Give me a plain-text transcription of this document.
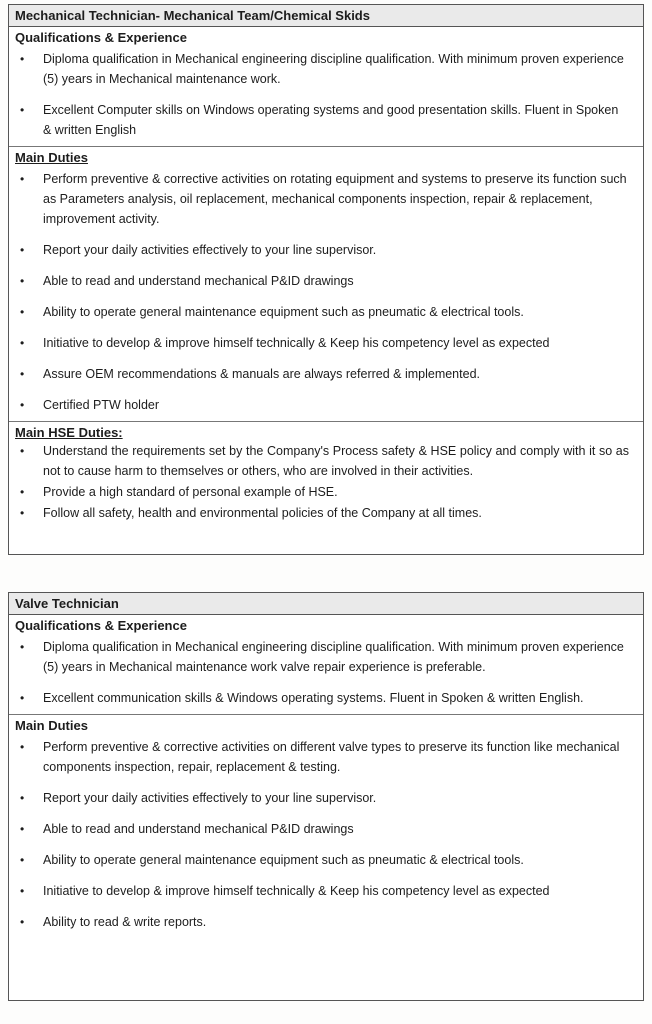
Mechanical Technician- Mechanical Team/Chemical Skids
Qualifications & Experience
• Diploma qualification in Mechanical engineering discipline qualification. With minimum proven experience (5) years in Mechanical maintenance work.
• Excellent Computer skills on Windows operating systems and good presentation skills. Fluent in Spoken & written English
Main Duties
• Perform preventive & corrective activities on rotating equipment and systems to preserve its function such as Parameters analysis, oil replacement, mechanical components inspection, repair & replacement, improvement activity.
• Report your daily activities effectively to your line supervisor.
• Able to read and understand mechanical P&ID drawings
• Ability to operate general maintenance equipment such as pneumatic & electrical tools.
• Initiative to develop & improve himself technically & Keep his competency level as expected
• Assure OEM recommendations & manuals are always referred & implemented.
• Certified PTW holder
Main HSE Duties:
• Understand the requirements set by the Company's Process safety & HSE policy and comply with it so as not to cause harm to themselves or others, who are involved in their activities.
• Provide a high standard of personal example of HSE.
• Follow all safety, health and environmental policies of the Company at all times.
Valve Technician
Qualifications & Experience
• Diploma qualification in Mechanical engineering discipline qualification. With minimum proven experience (5) years in Mechanical maintenance work valve repair experience is preferable.
• Excellent communication skills & Windows operating systems. Fluent in Spoken & written English.
Main Duties
• Perform preventive & corrective activities on different valve types to preserve its function like mechanical components inspection, repair, replacement & testing.
• Report your daily activities effectively to your line supervisor.
• Able to read and understand mechanical P&ID drawings
• Ability to operate general maintenance equipment such as pneumatic & electrical tools.
• Initiative to develop & improve himself technically & Keep his competency level as expected
• Ability to read & write reports.
